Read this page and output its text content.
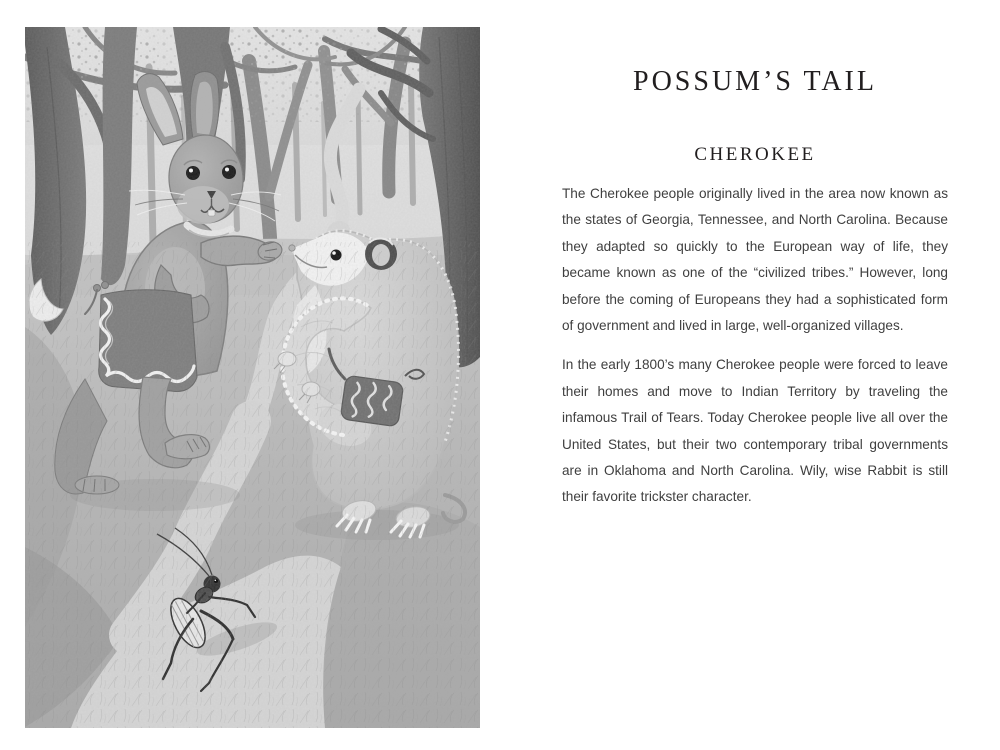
POSSUM’S TAIL
CHEROKEE

The Cherokee people originally lived in the area now known as the states of Georgia, Tennessee, and North Carolina. Because they adapted so quickly to the European way of life, they became known as one of the “civilized tribes.” However, long before the coming of Europeans they had a sophisticated form of government and lived in large, well-organized villages.

In the early 1800’s many Cherokee people were forced to leave their homes and move to Indian Territory by traveling the infamous Trail of Tears. Today Cherokee people live all over the United States, but their two contemporary tribal governments are in Oklahoma and North Carolina. Wily, wise Rabbit is still their favorite trickster character.
